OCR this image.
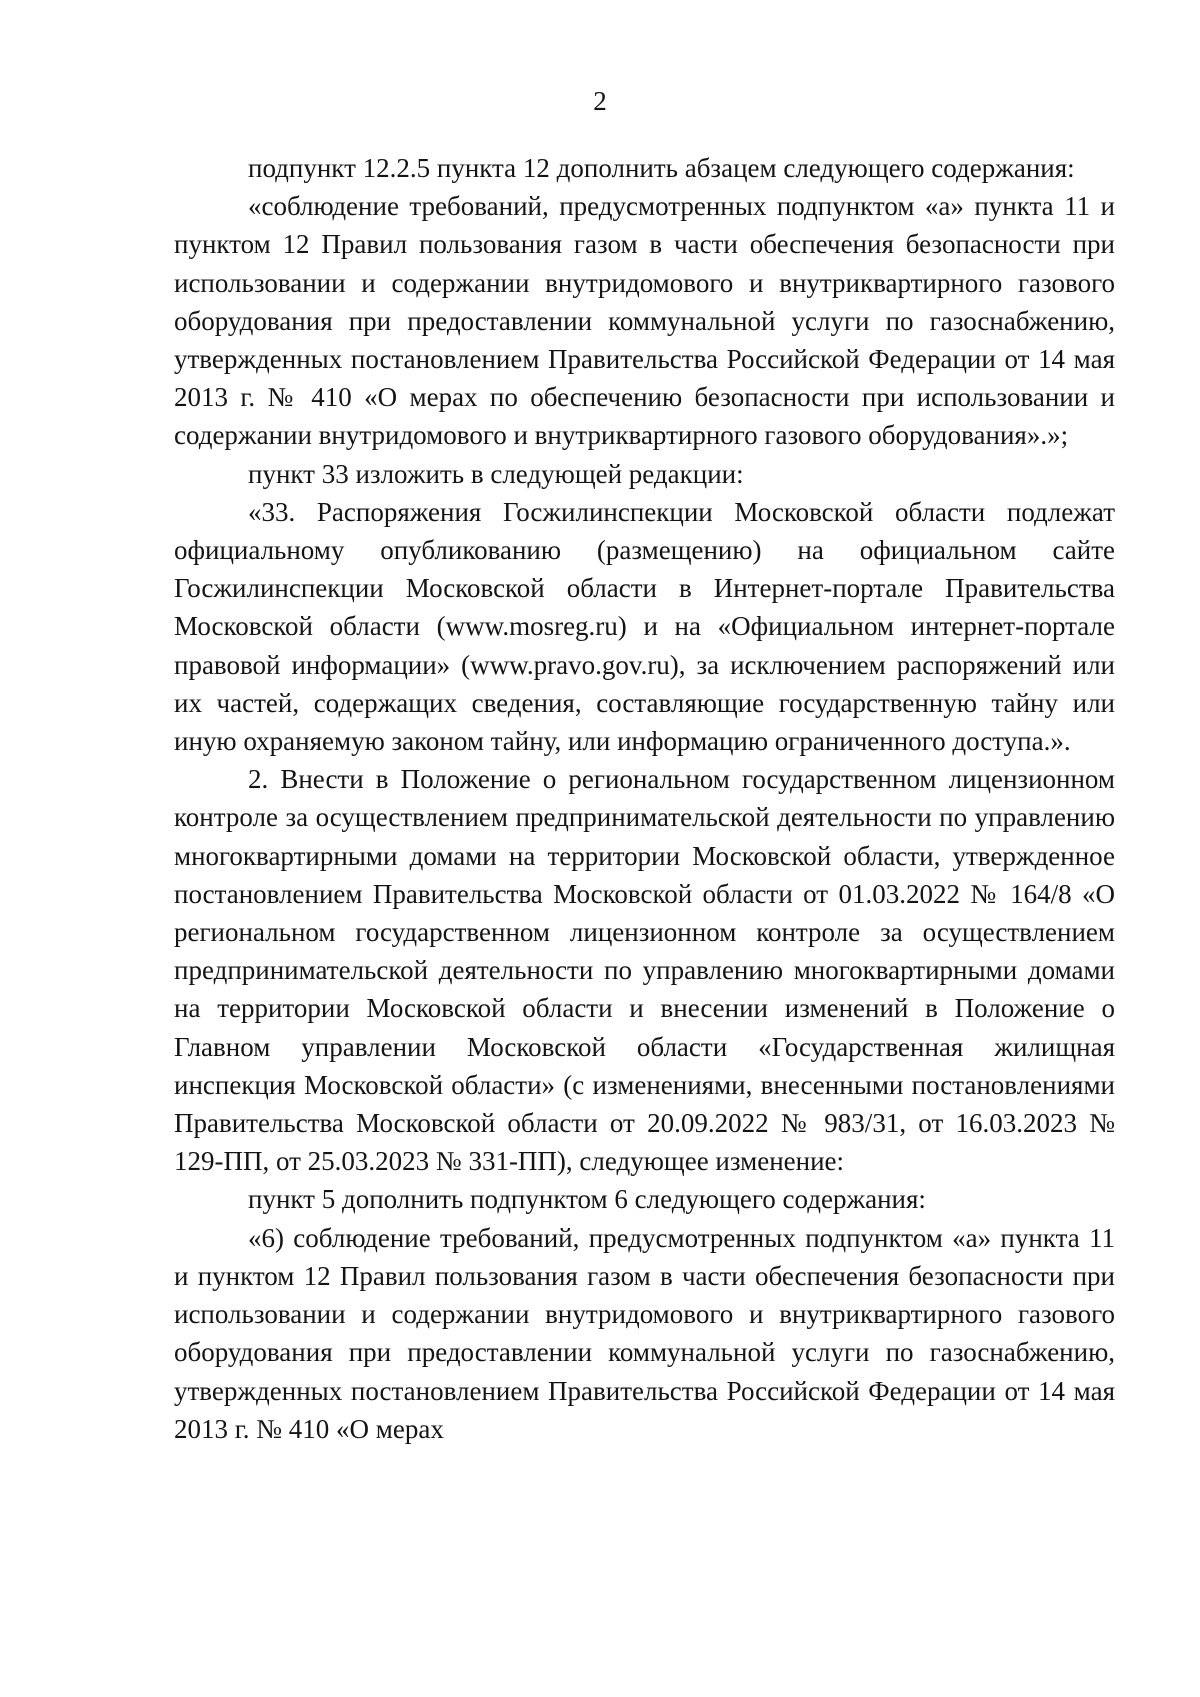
2

подпункт 12.2.5 пункта 12 дополнить абзацем следующего содержания:

«соблюдение требований, предусмотренных подпунктом «а» пункта 11 и пунктом 12 Правил пользования газом в части обеспечения безопасности при использовании и содержании внутридомового и внутриквартирного газового оборудования при предоставлении коммунальной услуги по газоснабжению, утвержденных постановлением Правительства Российской Федерации от 14 мая 2013 г. № 410 «О мерах по обеспечению безопасности при использовании и содержании внутридомового и внутриквартирного газового оборудования».»;

пункт 33 изложить в следующей редакции:

«33. Распоряжения Госжилинспекции Московской области подлежат официальному опубликованию (размещению) на официальном сайте Госжилинспекции Московской области в Интернет-портале Правительства Московской области (www.mosreg.ru) и на «Официальном интернет-портале правовой информации» (www.pravo.gov.ru), за исключением распоряжений или их частей, содержащих сведения, составляющие государственную тайну или иную охраняемую законом тайну, или информацию ограниченного доступа.».

2. Внести в Положение о региональном государственном лицензионном контроле за осуществлением предпринимательской деятельности по управлению многоквартирными домами на территории Московской области, утвержденное постановлением Правительства Московской области от 01.03.2022 № 164/8 «О региональном государственном лицензионном контроле за осуществлением предпринимательской деятельности по управлению многоквартирными домами на территории Московской области и внесении изменений в Положение о Главном управлении Московской области «Государственная жилищная инспекция Московской области» (с изменениями, внесенными постановлениями Правительства Московской области от 20.09.2022 № 983/31, от 16.03.2023 № 129-ПП, от 25.03.2023 № 331-ПП), следующее изменение:

пункт 5 дополнить подпунктом 6 следующего содержания:

«6) соблюдение требований, предусмотренных подпунктом «а» пункта 11 и пунктом 12 Правил пользования газом в части обеспечения безопасности при использовании и содержании внутридомового и внутриквартирного газового оборудования при предоставлении коммунальной услуги по газоснабжению, утвержденных постановлением Правительства Российской Федерации от 14 мая 2013 г. № 410 «О мерах
